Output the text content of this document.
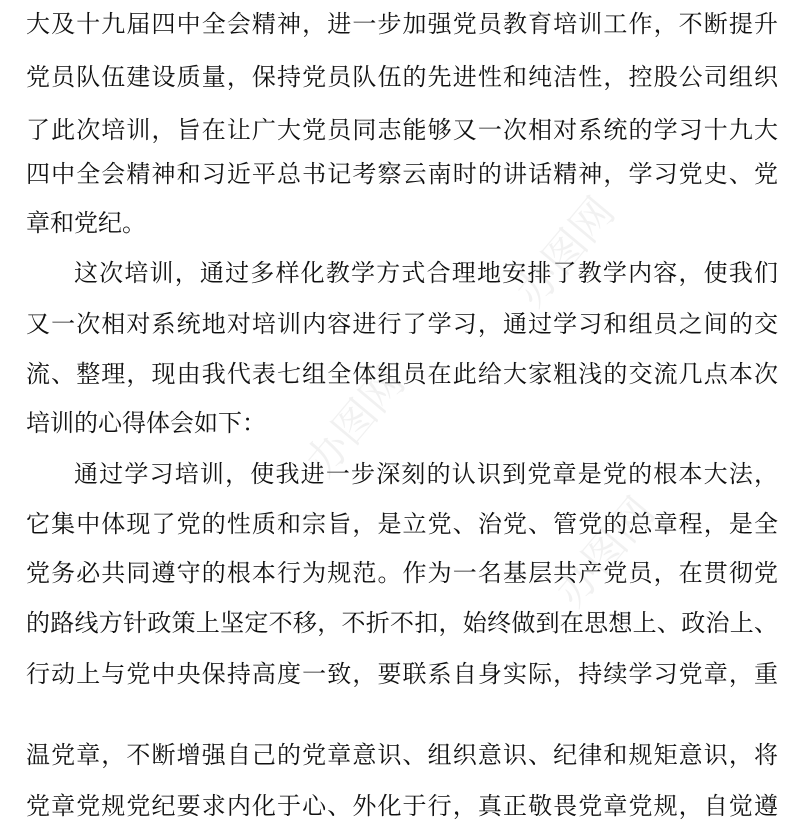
大及十九届四中全会精神，进一步加强党员教育培训工作，不断提升
党员队伍建设质量，保持党员队伍的先进性和纯洁性，控股公司组织
了此次培训，旨在让广大党员同志能够又一次相对系统的学习十九大
四中全会精神和习近平总书记考察云南时的讲话精神，学习党史、党
章和党纪。
这次培训，通过多样化教学方式合理地安排了教学内容，使我们
又一次相对系统地对培训内容进行了学习，通过学习和组员之间的交
流、整理，现由我代表七组全体组员在此给大家粗浅的交流几点本次
培训的心得体会如下：
通过学习培训，使我进一步深刻的认识到党章是党的根本大法，
它集中体现了党的性质和宗旨，是立党、治党、管党的总章程，是全
党务必共同遵守的根本行为规范。作为一名基层共产党员，在贯彻党
的路线方针政策上坚定不移，不折不扣，始终做到在思想上、政治上、
行动上与党中央保持高度一致，要联系自身实际，持续学习党章，重
温党章，不断增强自己的党章意识、组织意识、纪律和规矩意识，将
党章党规党纪要求内化于心、外化于行，真正敬畏党章党规，自觉遵
办图网
办图网
办图网
